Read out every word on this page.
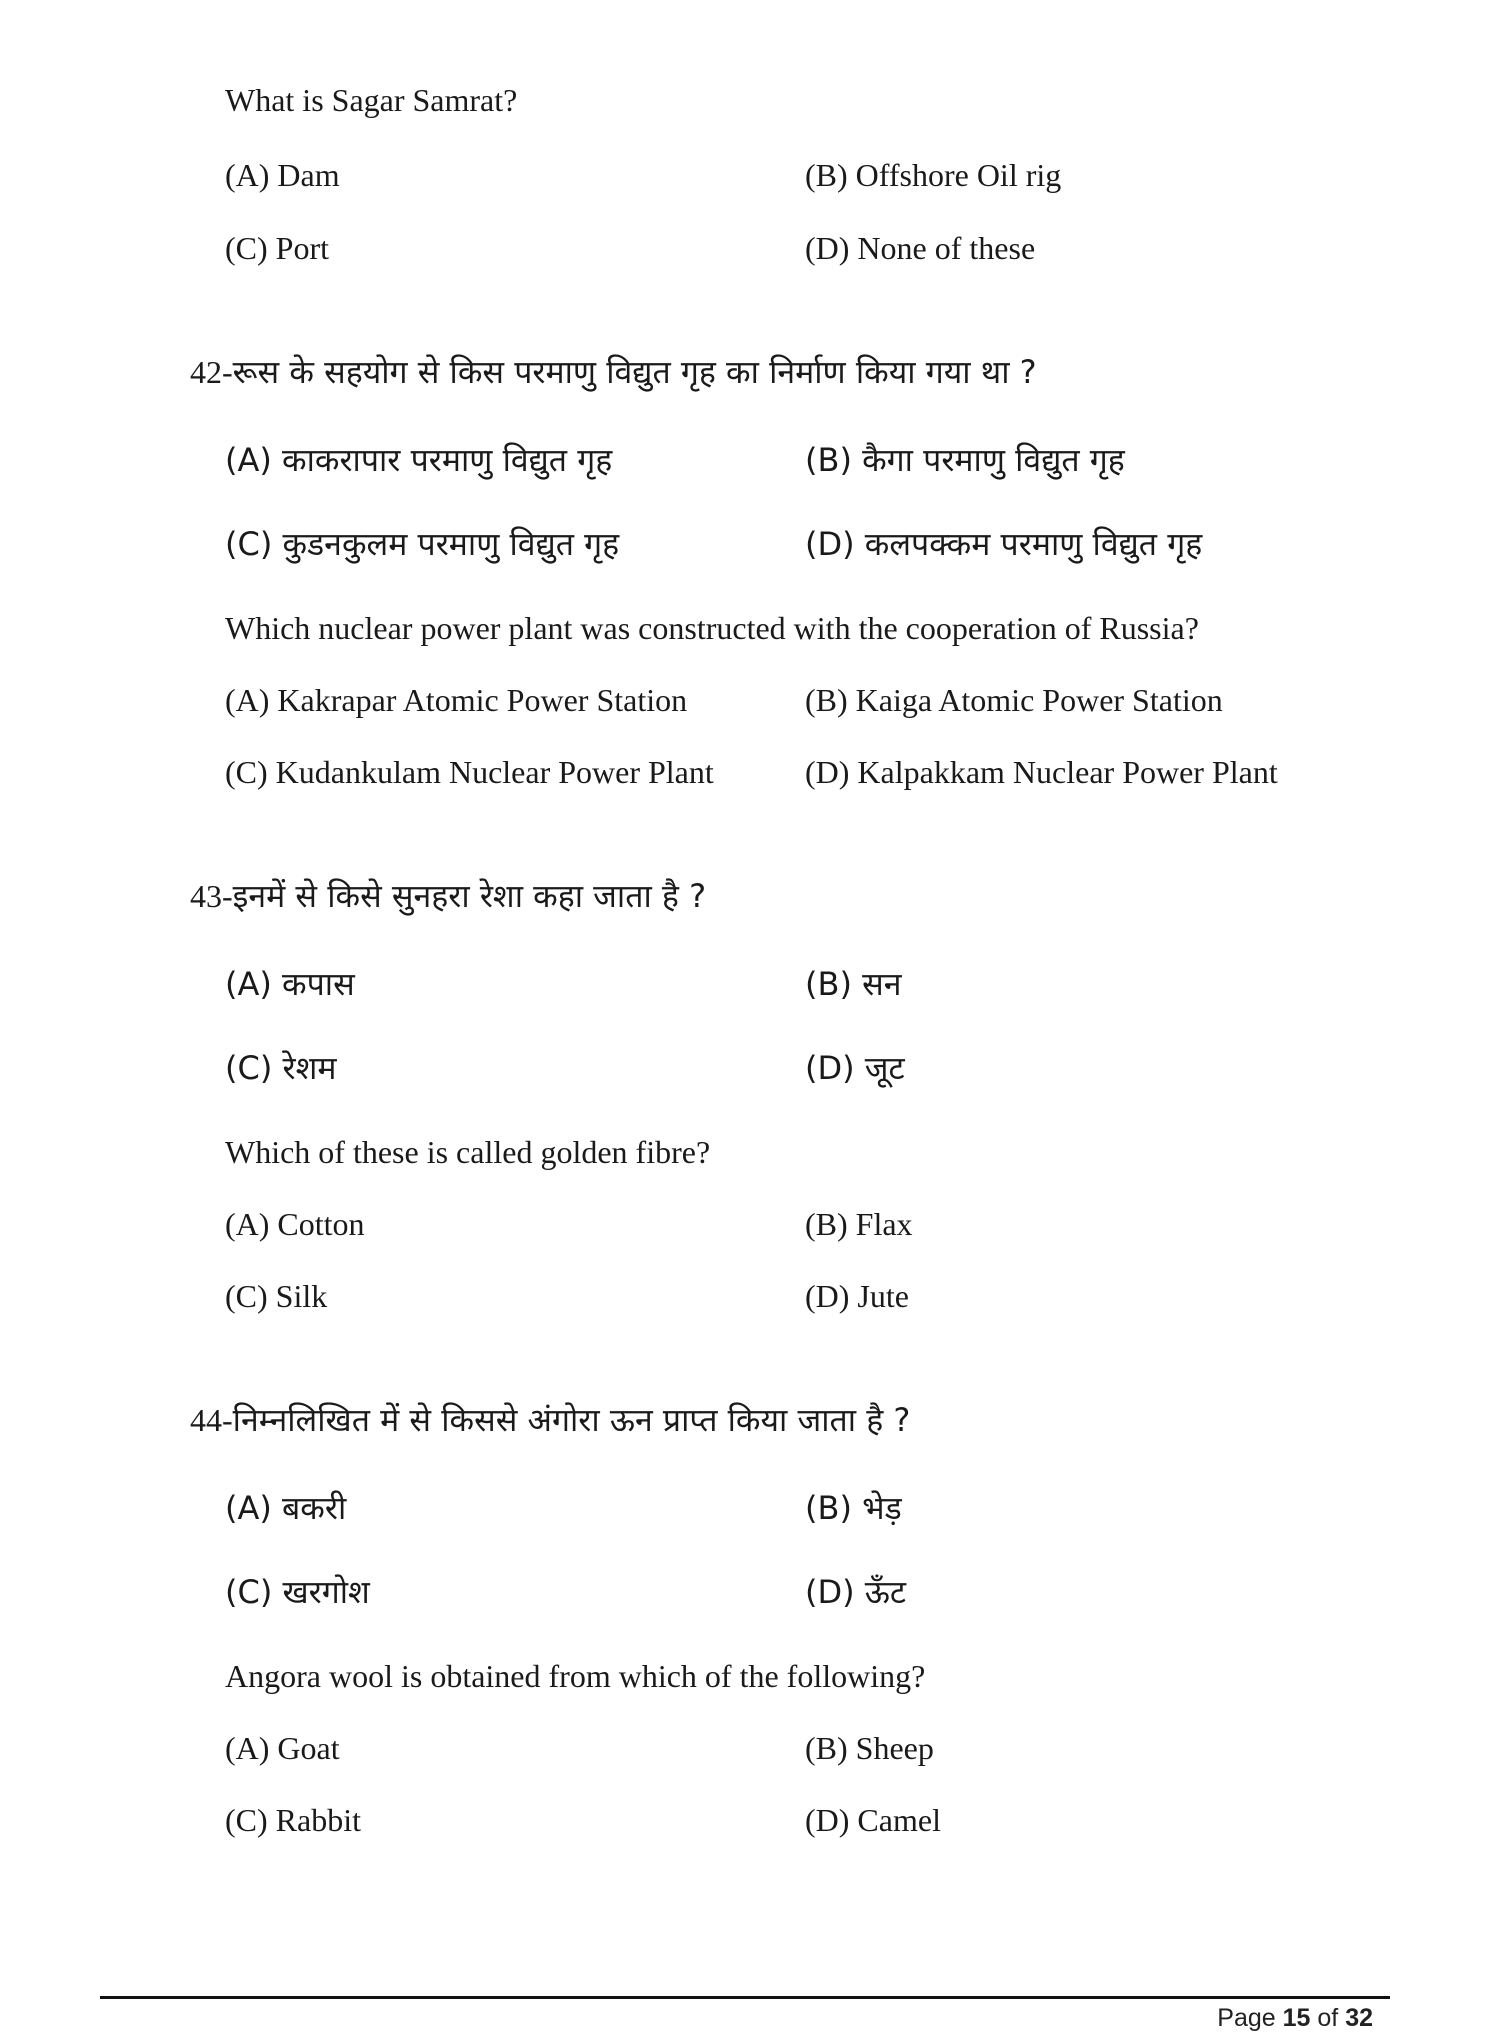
What is Sagar Samrat?
(A) Dam	(B) Offshore Oil rig
(C) Port	(D) None of these
42-रूस के सहयोग से किस परमाणु विद्युत गृह का निर्माण किया गया था ?
(A) काकरापार परमाणु विद्युत गृह	(B) कैगा परमाणु विद्युत गृह
(C) कुडनकुलम परमाणु विद्युत गृह	(D) कलपक्कम परमाणु विद्युत गृह
Which nuclear power plant was constructed with the cooperation of Russia?
(A) Kakrapar Atomic Power Station	(B) Kaiga Atomic Power Station
(C) Kudankulam Nuclear Power Plant	(D) Kalpakkam Nuclear Power Plant
43-इनमें से किसे सुनहरा रेशा कहा जाता है ?
(A) कपास	(B) सन
(C) रेशम	(D) जूट
Which of these is called golden fibre?
(A) Cotton	(B) Flax
(C) Silk	(D) Jute
44-निम्नलिखित में से किससे अंगोरा ऊन प्राप्त किया जाता है ?
(A) बकरी	(B) भेड़
(C) खरगोश	(D) ऊँट
Angora wool is obtained from which of the following?
(A) Goat	(B) Sheep
(C) Rabbit	(D) Camel
Page 15 of 32
